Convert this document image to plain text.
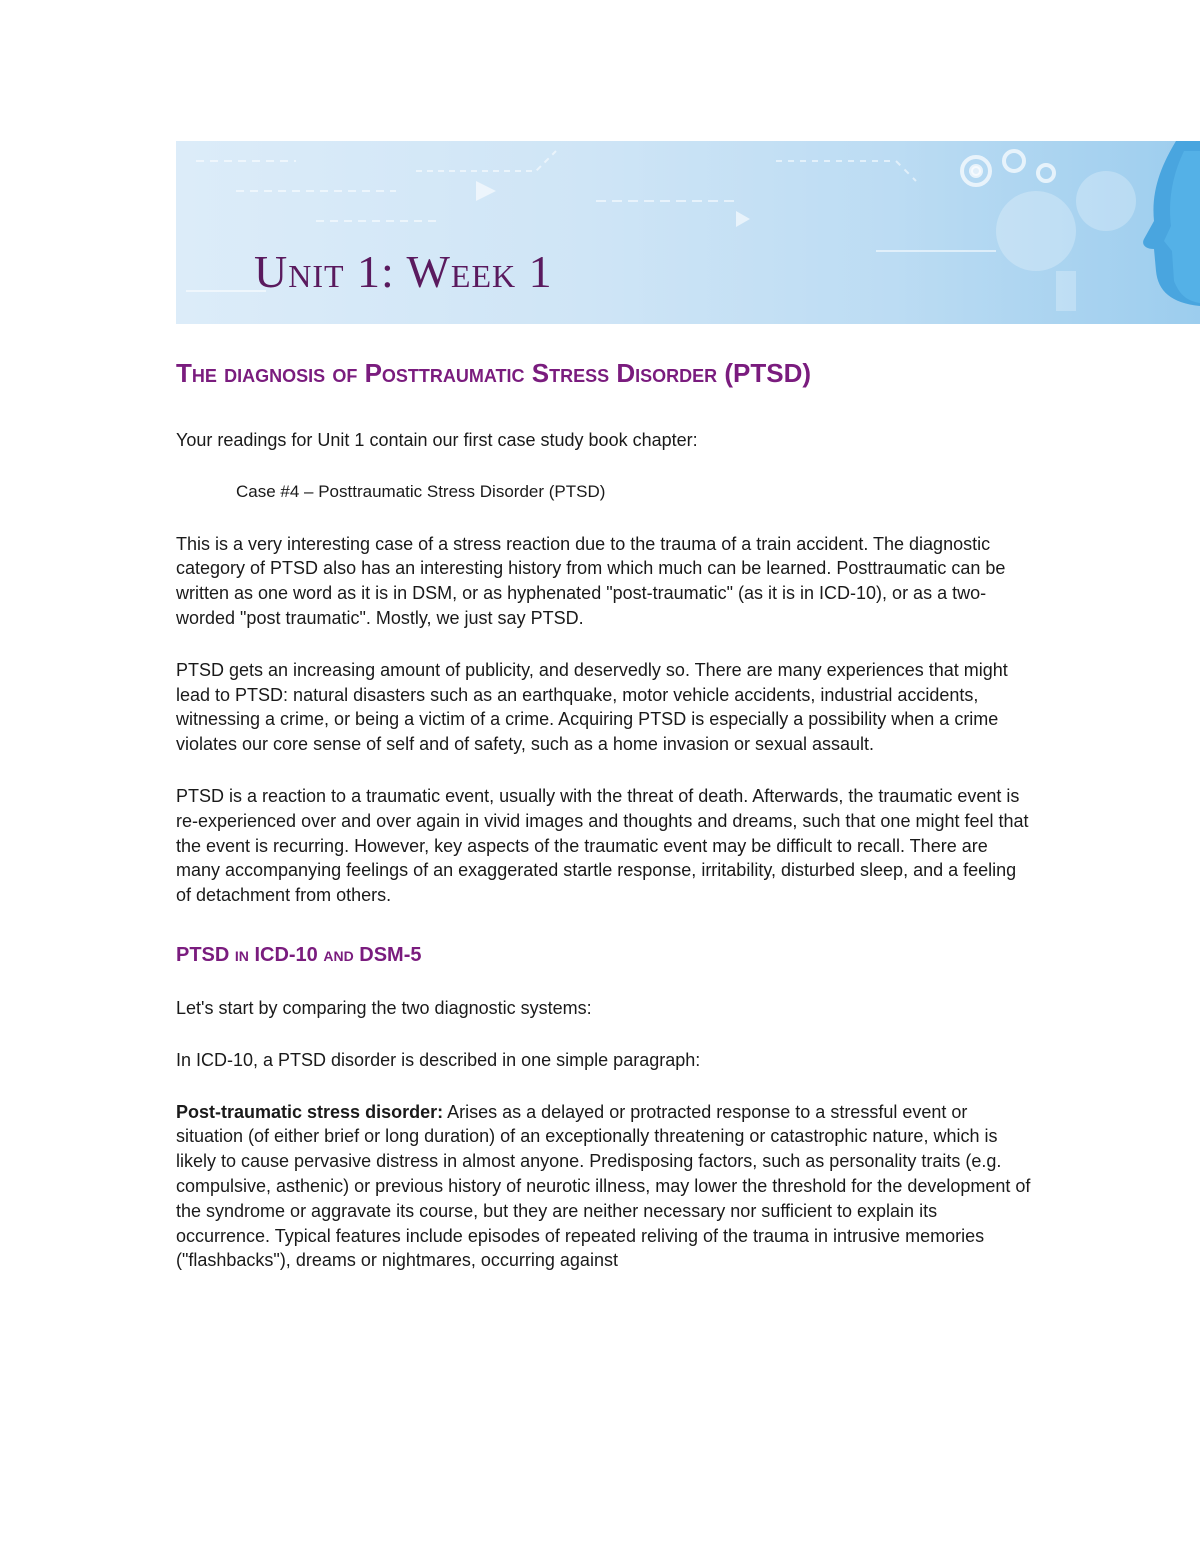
Unit 1: Week 1
The diagnosis of Posttraumatic Stress Disorder (PTSD)

Your readings for Unit 1 contain our first case study book chapter:

Case #4 – Posttraumatic Stress Disorder (PTSD)

This is a very interesting case of a stress reaction due to the trauma of a train accident. The diagnostic category of PTSD also has an interesting history from which much can be learned. Posttraumatic can be written as one word as it is in DSM, or as hyphenated "post-traumatic" (as it is in ICD-10), or as a two-worded "post traumatic". Mostly, we just say PTSD.

PTSD gets an increasing amount of publicity, and deservedly so. There are many experiences that might lead to PTSD: natural disasters such as an earthquake, motor vehicle accidents, industrial accidents, witnessing a crime, or being a victim of a crime. Acquiring PTSD is especially a possibility when a crime violates our core sense of self and of safety, such as a home invasion or sexual assault.

PTSD is a reaction to a traumatic event, usually with the threat of death. Afterwards, the traumatic event is re-experienced over and over again in vivid images and thoughts and dreams, such that one might feel that the event is recurring. However, key aspects of the traumatic event may be difficult to recall. There are many accompanying feelings of an exaggerated startle response, irritability, disturbed sleep, and a feeling of detachment from others.

PTSD in ICD-10 and DSM-5

Let's start by comparing the two diagnostic systems:

In ICD-10, a PTSD disorder is described in one simple paragraph:

Post-traumatic stress disorder: Arises as a delayed or protracted response to a stressful event or situation (of either brief or long duration) of an exceptionally threatening or catastrophic nature, which is likely to cause pervasive distress in almost anyone. Predisposing factors, such as personality traits (e.g. compulsive, asthenic) or previous history of neurotic illness, may lower the threshold for the development of the syndrome or aggravate its course, but they are neither necessary nor sufficient to explain its occurrence. Typical features include episodes of repeated reliving of the trauma in intrusive memories ("flashbacks"), dreams or nightmares, occurring against
